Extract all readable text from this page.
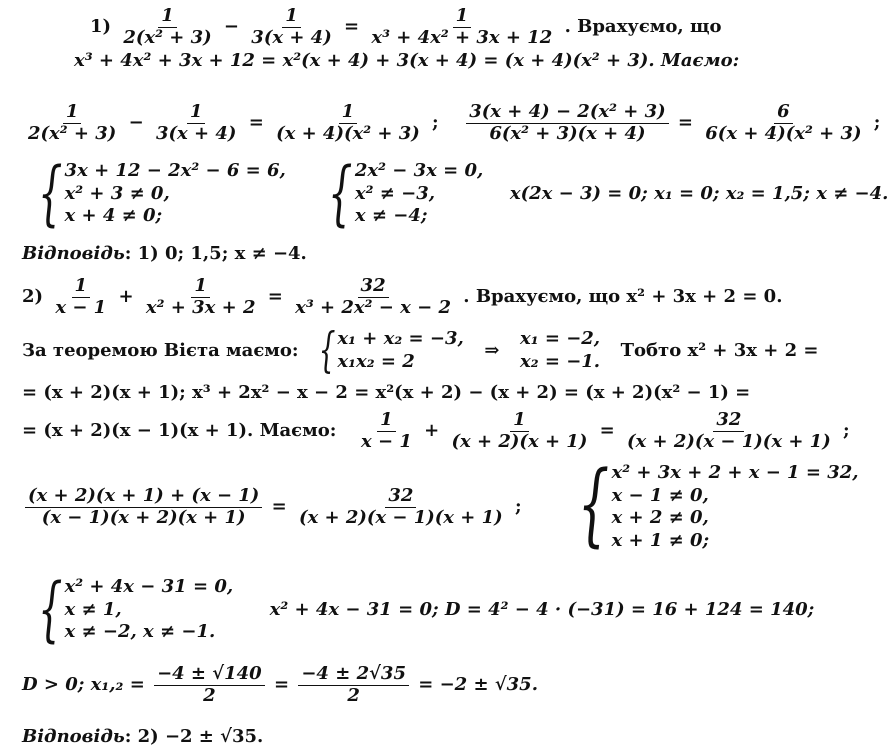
$1) \frac{1}{\text{2(x² + 3)}} - \frac{1}{3(x + 4)} = \frac{1}{\text{x³ + 4x² + 3x + 12}}$ . Врахуємо, що
x³ + 4x² + 3x + 12 = x²(x + 4) + 3(x + 4) = (x + 4)(x² + 3). Маємо:
$\frac{1}{\text{2(x² + 3)}} - \frac{1}{3(x + 4)} = \frac{1}{\text{(x + 4)(x² + 3)}}$ ; $\frac{\text{3(x + 4) − 2(x² + 3)}}{\text{6(x² + 3)(x + 4)}} = \frac{6}{\text{6(x + 4)(x² + 3)}}$ ;
{ 3x + 12 − 2x² − 6 = 6,
x² + 3 ≠ 0,
x + 4 ≠ 0;
	{ 2x² − 3x = 0,
x² ≠ −3,
x ≠ −4;
x(2x − 3) = 0; x₁ = 0; x₂ = 1,5; x ≠ −4.
Відповідь: 1) 0; 1,5; x ≠ −4.
$2) \frac{1}{x - 1} + \frac{1}{\text{x² + 3x + 2}} = \frac{32}{\text{x³ + 2x² − x − 2}}$ . Врахуємо, що x² + 3x + 2 = 0.
За теоремою Вієта маємо: { x₁ + x₂ = −3,
x₁x₂ = 2
⇒
x₁ = −2,
x₂ = −1.
Тобто x² + 3x + 2 =
= (x + 2)(x + 1); x³ + 2x² − x − 2 = x²(x + 2) − (x + 2) = (x + 2)(x² − 1) =
= (x + 2)(x − 1)(x + 1). Маємо: $\frac{1}{x - 1} + \frac{1}{(x + 2)(x + 1)} = \frac{32}{(x + 2)(x - 1)(x + 1)}$ ;
$\frac{(x + 2)(x + 1) + (x - 1)}{(x - 1)(x + 2)(x + 1)} = \frac{32}{(x + 2)(x - 1)(x + 1)}$ ; { x² + 3x + 2 + x − 1 = 32,
x − 1 ≠ 0,
x + 2 ≠ 0,
x + 1 ≠ 0;
{ x² + 4x − 31 = 0,
x ≠ 1,
x ≠ −2, x ≠ −1.
x² + 4x − 31 = 0; D = 4² − 4 · (−31) = 16 + 124 = 140;
D > 0; $x_1,_2 = \frac{-4 \pm √140}{2} = \frac{-4 \pm 2√35}{2} = -2 \pm √35$.
Відповідь: 2) −2 ± √35.
